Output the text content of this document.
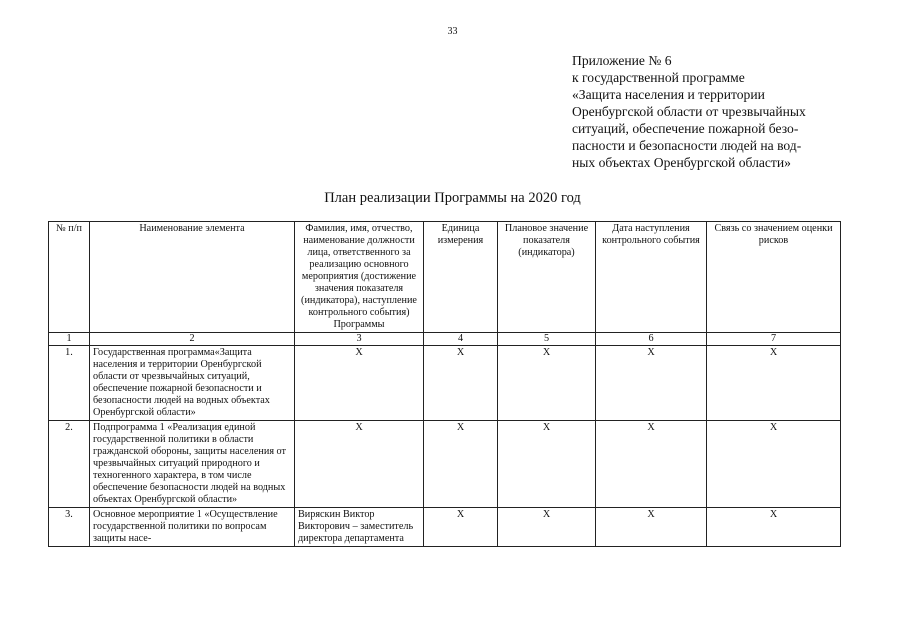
33
Приложение № 6
к государственной программе
«Защита населения и территории
Оренбургской области от чрезвычайных
ситуаций, обеспечение пожарной безо-
пасности и безопасности людей на вод-
ных объектах Оренбургской области»
План реализации Программы на 2020 год
№ п/п	Наименование элемента	Фамилия, имя, отчество, наименование должности лица, ответственного за реализацию основного мероприятия (достижение значения показателя (индикатора), наступление контрольного события) Программы	Единица измерения	Плановое значение показателя (индикатора)	Дата наступления контрольного события	Связь со значением оценки рисков
1	2	3	4	5	6	7
1.	Государственная программа«Защита населения и территории Оренбургской области от чрезвычайных ситуаций, обеспечение пожарной безопасности и безопасности людей на водных объектах Оренбургской области»	Х	Х	Х	Х	Х
2.	Подпрограмма 1 «Реализация единой государственной политики в области гражданской обороны, защиты населения от чрезвычайных ситуаций природного и техногенного характера, в том числе обеспечение безопасности людей на водных объектах Оренбургской области»	Х	Х	Х	Х	Х
3.	Основное мероприятие 1 «Осуществление государственной политики по вопросам защиты насе-	Виряскин Виктор Викторович – заместитель директора департамента	Х	Х	Х	Х
